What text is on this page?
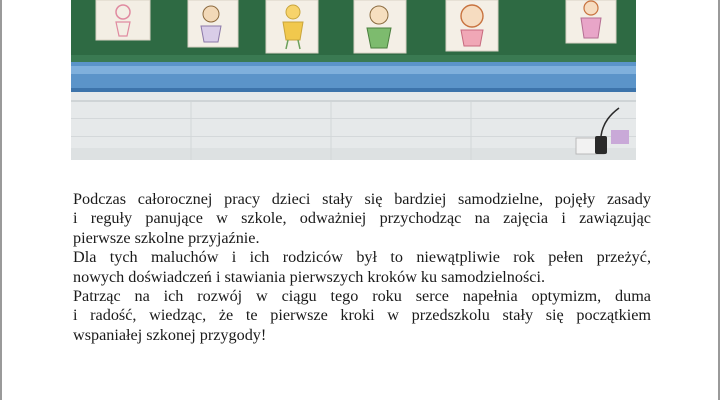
Podczas całorocznej pracy dzieci stały się bardziej samodzielne, pojęły zasady
i reguły panujące w szkole, odważniej przychodząc na zajęcia i zawiązując
pierwsze szkolne przyjaźnie.

Dla tych maluchów i ich rodziców był to niewątpliwie rok pełen przeżyć,
nowych doświadczeń i stawiania pierwszych kroków ku samodzielności.

Patrząc na ich rozwój w ciągu tego roku serce napełnia optymizm, duma
i radość, wiedząc, że te pierwsze kroki w przedszkolu stały się początkiem
wspaniałej szkonej przygody!
